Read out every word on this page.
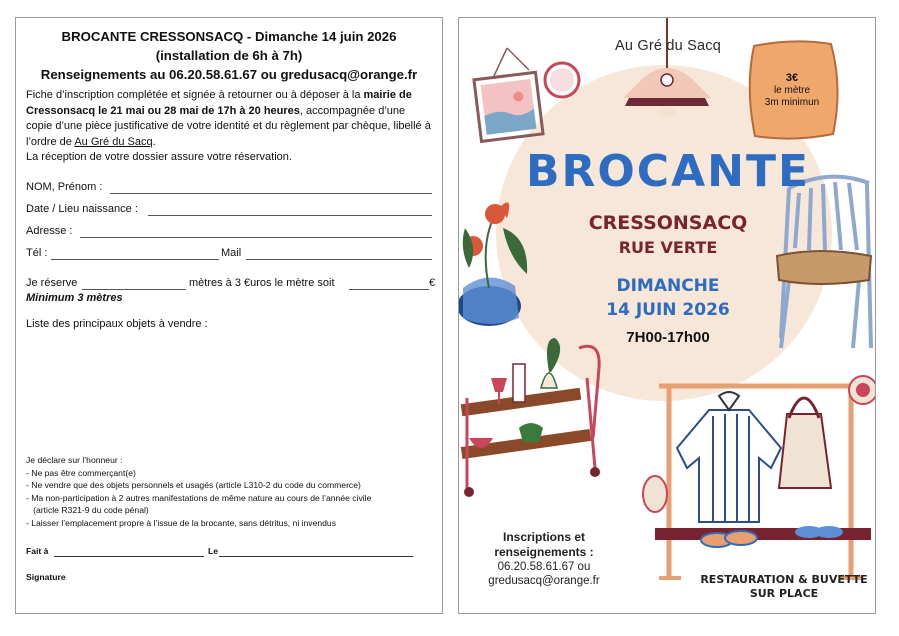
BROCANTE CRESSONSACQ - Dimanche 14 juin 2026
(installation de 6h à 7h)
Renseignements au 06.20.58.61.67 ou gredusacq@orange.fr
Fiche d’inscription complétée et signée à retourner ou à déposer à la mairie de Cressonsacq le 21 mai ou 28 mai de 17h à 20 heures, accompagnée d’une copie d’une pièce justificative de votre identité et du règlement par chèque, libellé à l’ordre de Au Gré du Sacq.
La réception de votre dossier assure votre réservation.
NOM, Prénom :
Date / Lieu naissance :
Adresse :
Tél :	Mail
Je réserve	mètres à 3 €uros le mètre soit	€
Minimum 3 mètres
Liste des principaux objets à vendre :
Je déclare sur l’honneur :
- Ne pas être commerçant(e)
- Ne vendre que des objets personnels et usagés (article L310-2 du code du commerce)
- Ma non-participation à 2 autres manifestations de même nature au cours de l’année civile
(article R321-9 du code pénal)
- Laisser l’emplacement propre à l’issue de la brocante, sans détritus, ni invendus
Fait à	Le
Signature
Au Gré du Sacq
3€
le mètre
3m minimun
BROCANTE
CRESSONSACQ
RUE VERTE
DIMANCHE
14 JUIN 2026
7H00-17h00
Inscriptions et
renseignements :
06.20.58.61.67 ou
gredusacq@orange.fr	RESTAURATION & BUVETTE
SUR PLACE
